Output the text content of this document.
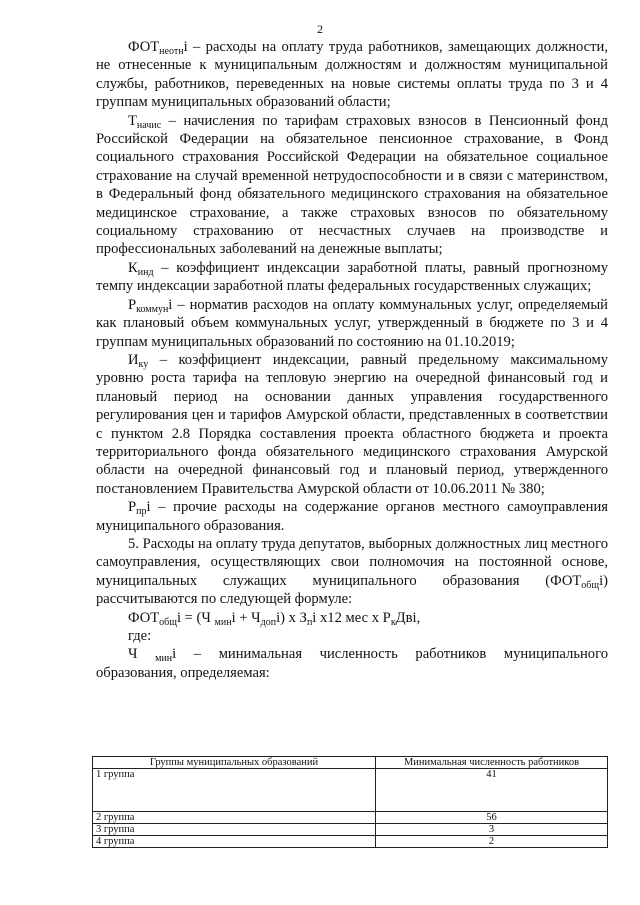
2

$ФОТ_{неотн}i$ – расходы на оплату труда работников, замещающих должности, не отнесенные к муниципальным должностям и должностям муниципальной службы, работников, переведенных на новые системы оплаты труда по 3 и 4 группам муниципальных образований области;

$Т_{начис}$ – начисления по тарифам страховых взносов в Пенсионный фонд Российской Федерации на обязательное пенсионное страхование, в Фонд социального страхования Российской Федерации на обязательное социальное страхование на случай временной нетрудоспособности и в связи с материнством, в Федеральный фонд обязательного медицинского страхования на обязательное медицинское страхование, а также страховых взносов по обязательному социальному страхованию от несчастных случаев на производстве и профессиональных заболеваний на денежные выплаты;

$К_{инд}$ – коэффициент индексации заработной платы, равный прогнозному темпу индексации заработной платы федеральных государственных служащих;

$Р_{коммун}i$ – норматив расходов на оплату коммунальных услуг, определяемый как плановый объем коммунальных услуг, утвержденный в бюджете по 3 и 4 группам муниципальных образований по состоянию на 01.10.2019;

$И_{ку}$ – коэффициент индексации, равный предельному максимальному уровню роста тарифа на тепловую энергию на очередной финансовый год и плановый период на основании данных управления государственного регулирования цен и тарифов Амурской области, представленных в соответствии с пунктом 2.8 Порядка составления проекта областного бюджета и проекта территориального фонда обязательного медицинского страхования Амурской области на очередной финансовый год и плановый период, утвержденного постановлением Правительства Амурской области от 10.06.2011 № 380;

$Р_{пр}i$ – прочие расходы на содержание органов местного самоуправления муниципального образования.

5. Расходы на оплату труда депутатов, выборных должностных лиц местного самоуправления, осуществляющих свои полномочия на постоянной основе, муниципальных служащих муниципального образования $(ФОТ_{общ}i)$ рассчитываются по следующей формуле:

$ФОТ_{общ}i = (Ч$ $_{мин}i + Ч_{доп}i$) х $З_пi$ х12 мес х $Р_кДві$,

где:

Ч $_{мин}$i – минимальная численность работников муниципального образования, определяемая:

Группы муниципальных образований	Минимальная численность работников
1 группа	41
2 группа	56
3 группа	3
4 группа	2
